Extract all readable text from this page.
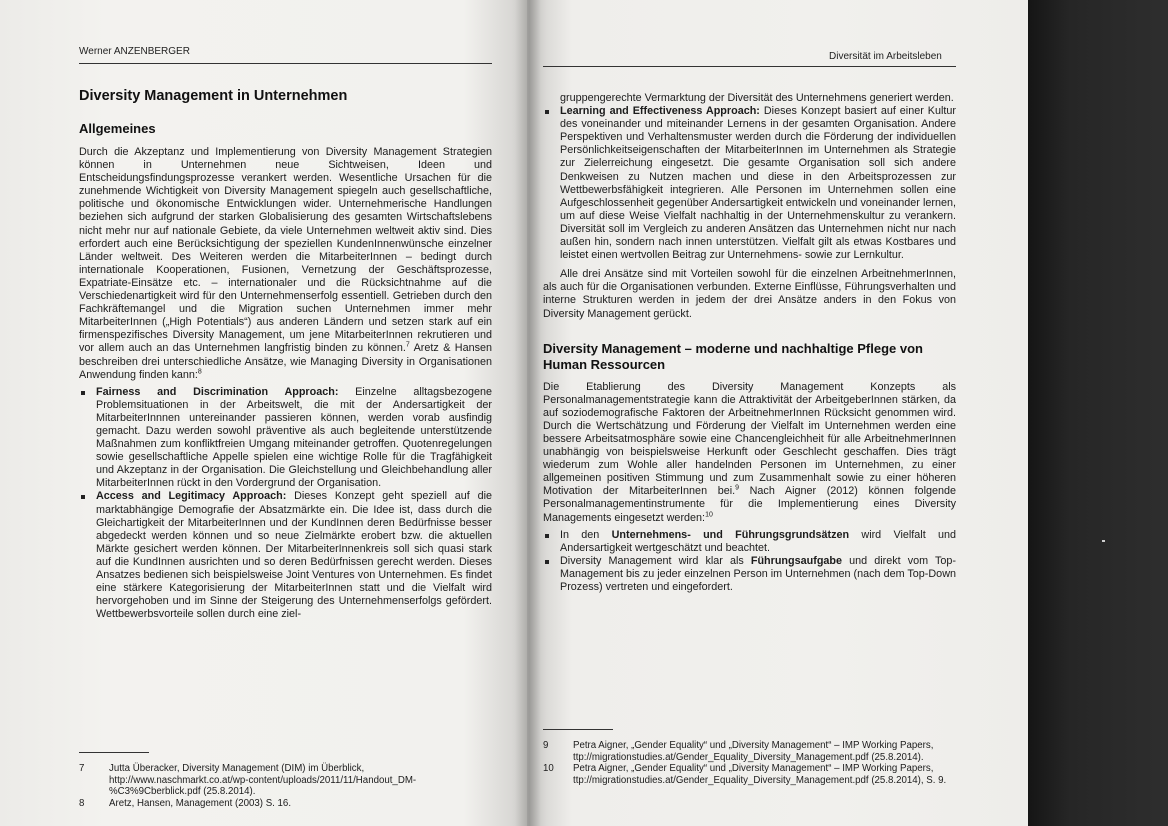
Werner ANZENBERGER
Diversity Management in Unternehmen
Allgemeines

Durch die Akzeptanz und Implementierung von Diversity Management Strategien können in Unternehmen neue Sichtweisen, Ideen und Entscheidungsfindungsprozesse verankert werden. Wesentliche Ursachen für die zunehmende Wichtigkeit von Diversity Management spiegeln auch gesellschaftliche, politische und ökonomische Entwicklungen wider. Unternehmerische Handlungen beziehen sich aufgrund der starken Globalisierung des gesamten Wirtschaftslebens nicht mehr nur auf nationale Gebiete, da viele Unternehmen weltweit aktiv sind. Dies erfordert auch eine Berücksichtigung der speziellen KundenInnenwünsche einzelner Länder weltweit. Des Weiteren werden die MitarbeiterInnen – bedingt durch internationale Kooperationen, Fusionen, Vernetzung der Geschäftsprozesse, Expatriate-Einsätze etc. – internationaler und die Rücksichtnahme auf die Verschiedenartigkeit wird für den Unternehmenserfolg essentiell. Getrieben durch den Fachkräftemangel und die Migration suchen Unternehmen immer mehr MitarbeiterInnen („High Potentials“) aus anderen Ländern und setzen stark auf ein firmenspezifisches Diversity Management, um jene MitarbeiterInnen rekrutieren und vor allem auch an das Unternehmen langfristig binden zu können.$^7$ Aretz & Hansen beschreiben drei unterschiedliche Ansätze, wie Managing Diversity in Organisationen Anwendung finden kann:$^8$

Fairness and Discrimination Approach: Einzelne alltagsbezogene Problemsituationen in der Arbeitswelt, die mit der Andersartigkeit der MitarbeiterInnnen untereinander passieren können, werden vorab ausfindig gemacht. Dazu werden sowohl präventive als auch begleitende unterstützende Maßnahmen zum konfliktfreien Umgang miteinander getroffen. Quotenregelungen sowie gesellschaftliche Appelle spielen eine wichtige Rolle für die Tragfähigkeit und Akzeptanz in der Organisation. Die Gleichstellung und Gleichbehandlung aller MitarbeiterInnen rückt in den Vordergrund der Organisation.
Access and Legitimacy Approach: Dieses Konzept geht speziell auf die marktabhängige Demografie der Absatzmärkte ein. Die Idee ist, dass durch die Gleichartigkeit der MitarbeiterInnen und der KundInnen deren Bedürfnisse besser abgedeckt werden können und so neue Zielmärkte erobert bzw. die aktuellen Märkte gesichert werden können. Der MitarbeiterInnenkreis soll sich quasi stark auf die KundInnen ausrichten und so deren Bedürfnissen gerecht werden. Dieses Ansatzes bedienen sich beispielsweise Joint Ventures von Unternehmen. Es findet eine stärkere Kategorisierung der MitarbeiterInnen statt und die Vielfalt wird hervorgehoben und im Sinne der Steigerung des Unternehmenserfolgs gefördert. Wettbewerbsvorteile sollen durch eine ziel-
7	Jutta Überacker, Diversity Management (DIM) im Überblick, http://www.naschmarkt.co.at/wp-content/uploads/2011/11/Handout_DM-%C3%9Cberblick.pdf (25.8.2014).
8	Aretz, Hansen, Management (2003) S. 16.
Diversität im Arbeitsleben

gruppengerechte Vermarktung der Diversität des Unternehmens generiert werden.

Learning and Effectiveness Approach: Dieses Konzept basiert auf einer Kultur des voneinander und miteinander Lernens in der gesamten Organisation. Andere Perspektiven und Verhaltensmuster werden durch die Förderung der individuellen Persönlichkeitseigenschaften der MitarbeiterInnen im Unternehmen als Strategie zur Zielerreichung eingesetzt. Die gesamte Organisation soll sich andere Denkweisen zu Nutzen machen und diese in den Arbeitsprozessen zur Wettbewerbsfähigkeit integrieren. Alle Personen im Unternehmen sollen eine Aufgeschlossenheit gegenüber Andersartigkeit entwickeln und voneinander lernen, um auf diese Weise Vielfalt nachhaltig in der Unternehmenskultur zu verankern. Diversität soll im Vergleich zu anderen Ansätzen das Unternehmen nicht nur nach außen hin, sondern nach innen unterstützen. Vielfalt gilt als etwas Kostbares und leistet einen wertvollen Beitrag zur Unternehmens- sowie zur Lernkultur.

Alle drei Ansätze sind mit Vorteilen sowohl für die einzelnen ArbeitnehmerInnen, als auch für die Organisationen verbunden. Externe Einflüsse, Führungsverhalten und interne Strukturen werden in jedem der drei Ansätze anders in den Fokus von Diversity Management gerückt.

Diversity Management – moderne und nachhaltige Pflege von Human Ressourcen

Die Etablierung des Diversity Management Konzepts als Personalmanagementstrategie kann die Attraktivität der ArbeitgeberInnen stärken, da auf soziodemografische Faktoren der ArbeitnehmerInnen Rücksicht genommen wird. Durch die Wertschätzung und Förderung der Vielfalt im Unternehmen werden eine bessere Arbeitsatmosphäre sowie eine Chancengleichheit für alle ArbeitnehmerInnen unabhängig von beispielsweise Herkunft oder Geschlecht geschaffen. Dies trägt wiederum zum Wohle aller handelnden Personen im Unternehmen, zu einer allgemeinen positiven Stimmung und zum Zusammenhalt sowie zu einer höheren Motivation der MitarbeiterInnen bei.$^9$ Nach Aigner (2012) können folgende Personalmanagementinstrumente für die Implementierung eines Diversity Managements eingesetzt werden:$^{10}$

In den Unternehmens- und Führungsgrundsätzen wird Vielfalt und Andersartigkeit wertgeschätzt und beachtet.
Diversity Management wird klar als Führungsaufgabe und direkt vom Top-Management bis zu jeder einzelnen Person im Unternehmen (nach dem Top-Down Prozess) vertreten und eingefordert.
9	Petra Aigner, „Gender Equality“ und „Diversity Management“ – IMP Working Papers, ttp://migrationstudies.at/Gender_Equality_Diversity_Management.pdf (25.8.2014).
10	Petra Aigner, „Gender Equality“ und „Diversity Management“ – IMP Working Papers, ttp://migrationstudies.at/Gender_Equality_Diversity_Management.pdf (25.8.2014), S. 9.
